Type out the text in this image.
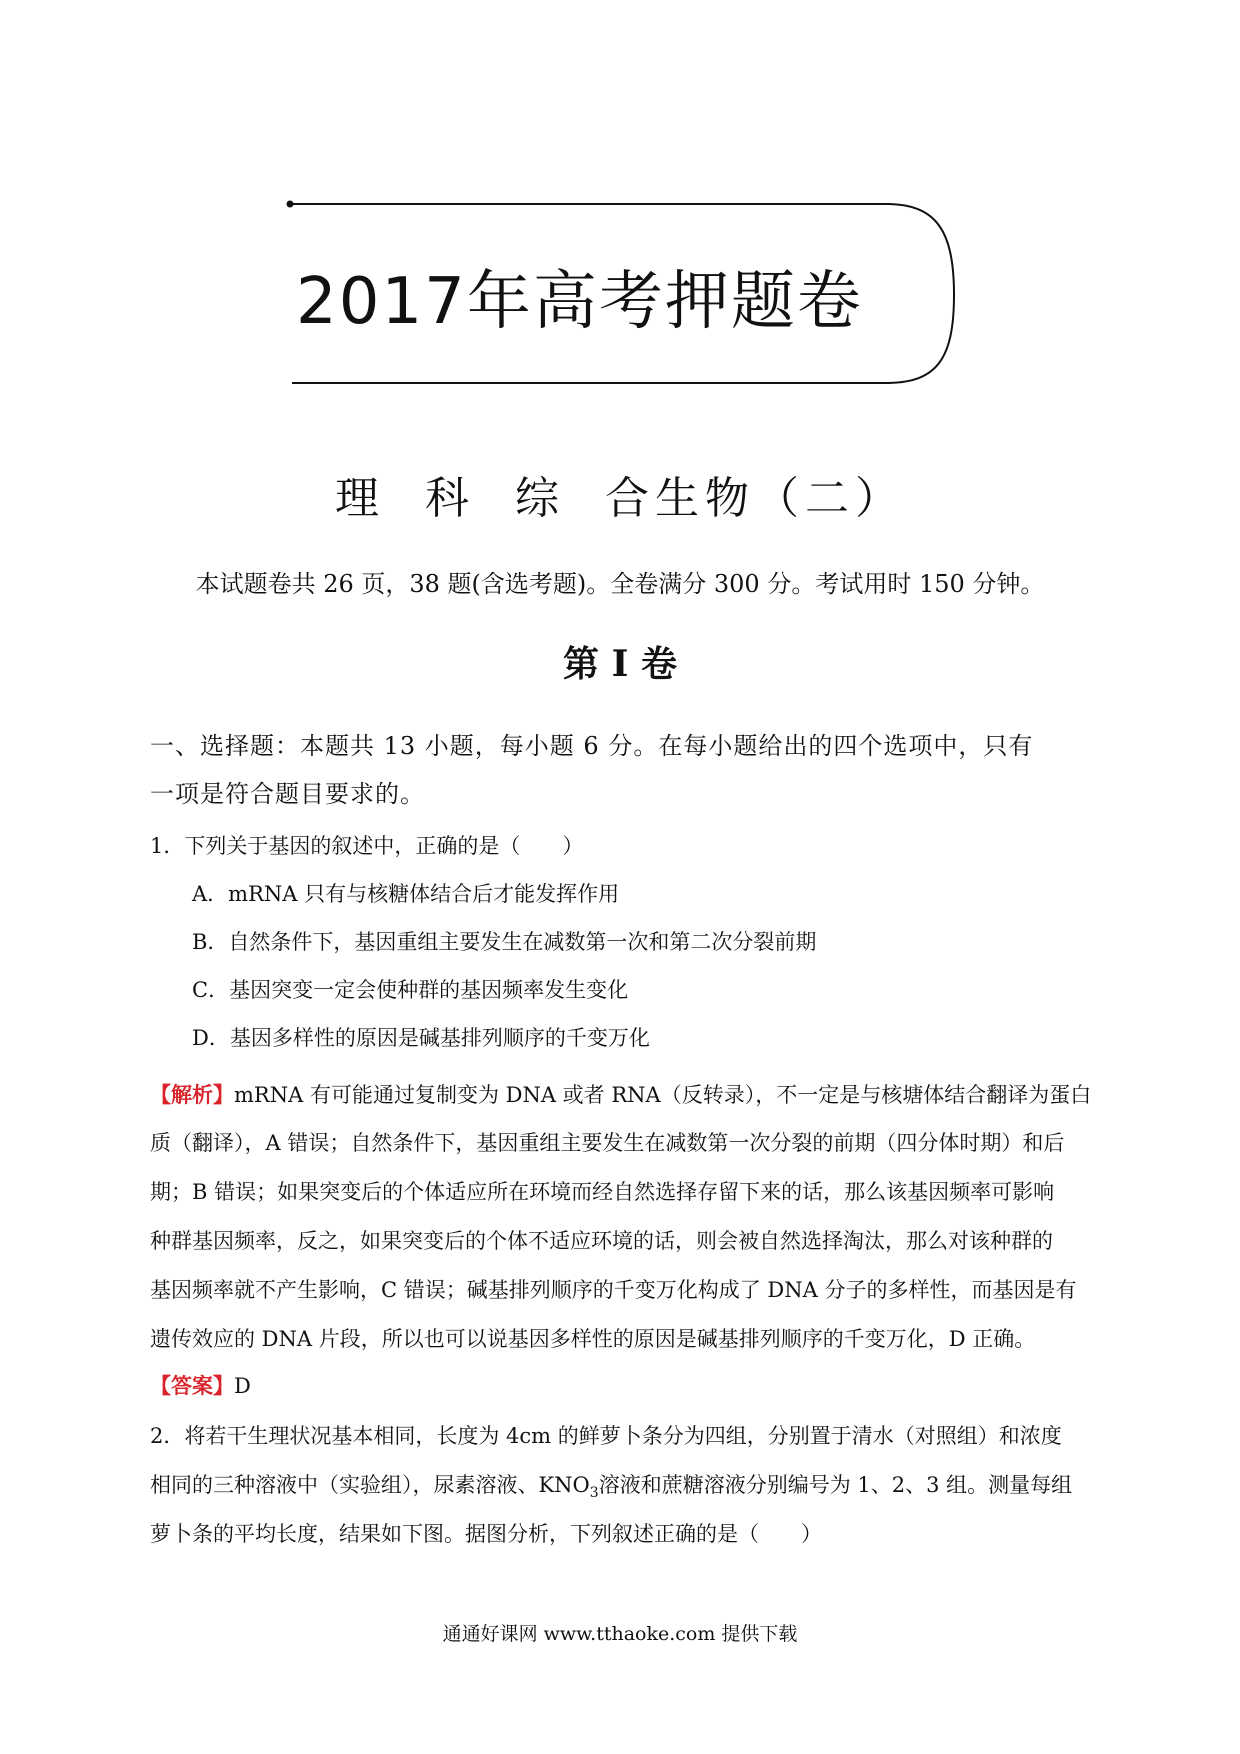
2017年高考押题卷
理  科  综  合生物（二）
本试题卷共 26 页，38 题(含选考题)。全卷满分 300 分。考试用时 150 分钟。
第 I 卷
一、选择题：本题共 13 小题，每小题 6 分。在每小题给出的四个选项中，只有
一项是符合题目要求的。
1．下列关于基因的叙述中，正确的是（　　）
A．mRNA 只有与核糖体结合后才能发挥作用
B．自然条件下，基因重组主要发生在减数第一次和第二次分裂前期
C．基因突变一定会使种群的基因频率发生变化
D．基因多样性的原因是碱基排列顺序的千变万化
【解析】mRNA 有可能通过复制变为 DNA 或者 RNA（反转录），不一定是与核塘体结合翻译为蛋白
质（翻译），A 错误；自然条件下，基因重组主要发生在减数第一次分裂的前期（四分体时期）和后
期；B 错误；如果突变后的个体适应所在环境而经自然选择存留下来的话，那么该基因频率可影响
种群基因频率，反之，如果突变后的个体不适应环境的话，则会被自然选择淘汰，那么对该种群的
基因频率就不产生影响，C 错误；碱基排列顺序的千变万化构成了 DNA 分子的多样性，而基因是有
遗传效应的 DNA 片段，所以也可以说基因多样性的原因是碱基排列顺序的千变万化，D 正确。
【答案】D
2．将若干生理状况基本相同，长度为 4cm 的鲜萝卜条分为四组，分别置于清水（对照组）和浓度
相同的三种溶液中（实验组），尿素溶液、$KNO_3$溶液和蔗糖溶液分别编号为 1、2、3 组。测量每组
萝卜条的平均长度，结果如下图。据图分析，下列叙述正确的是（　　）
通通好课网 www.tthaoke.com 提供下载
